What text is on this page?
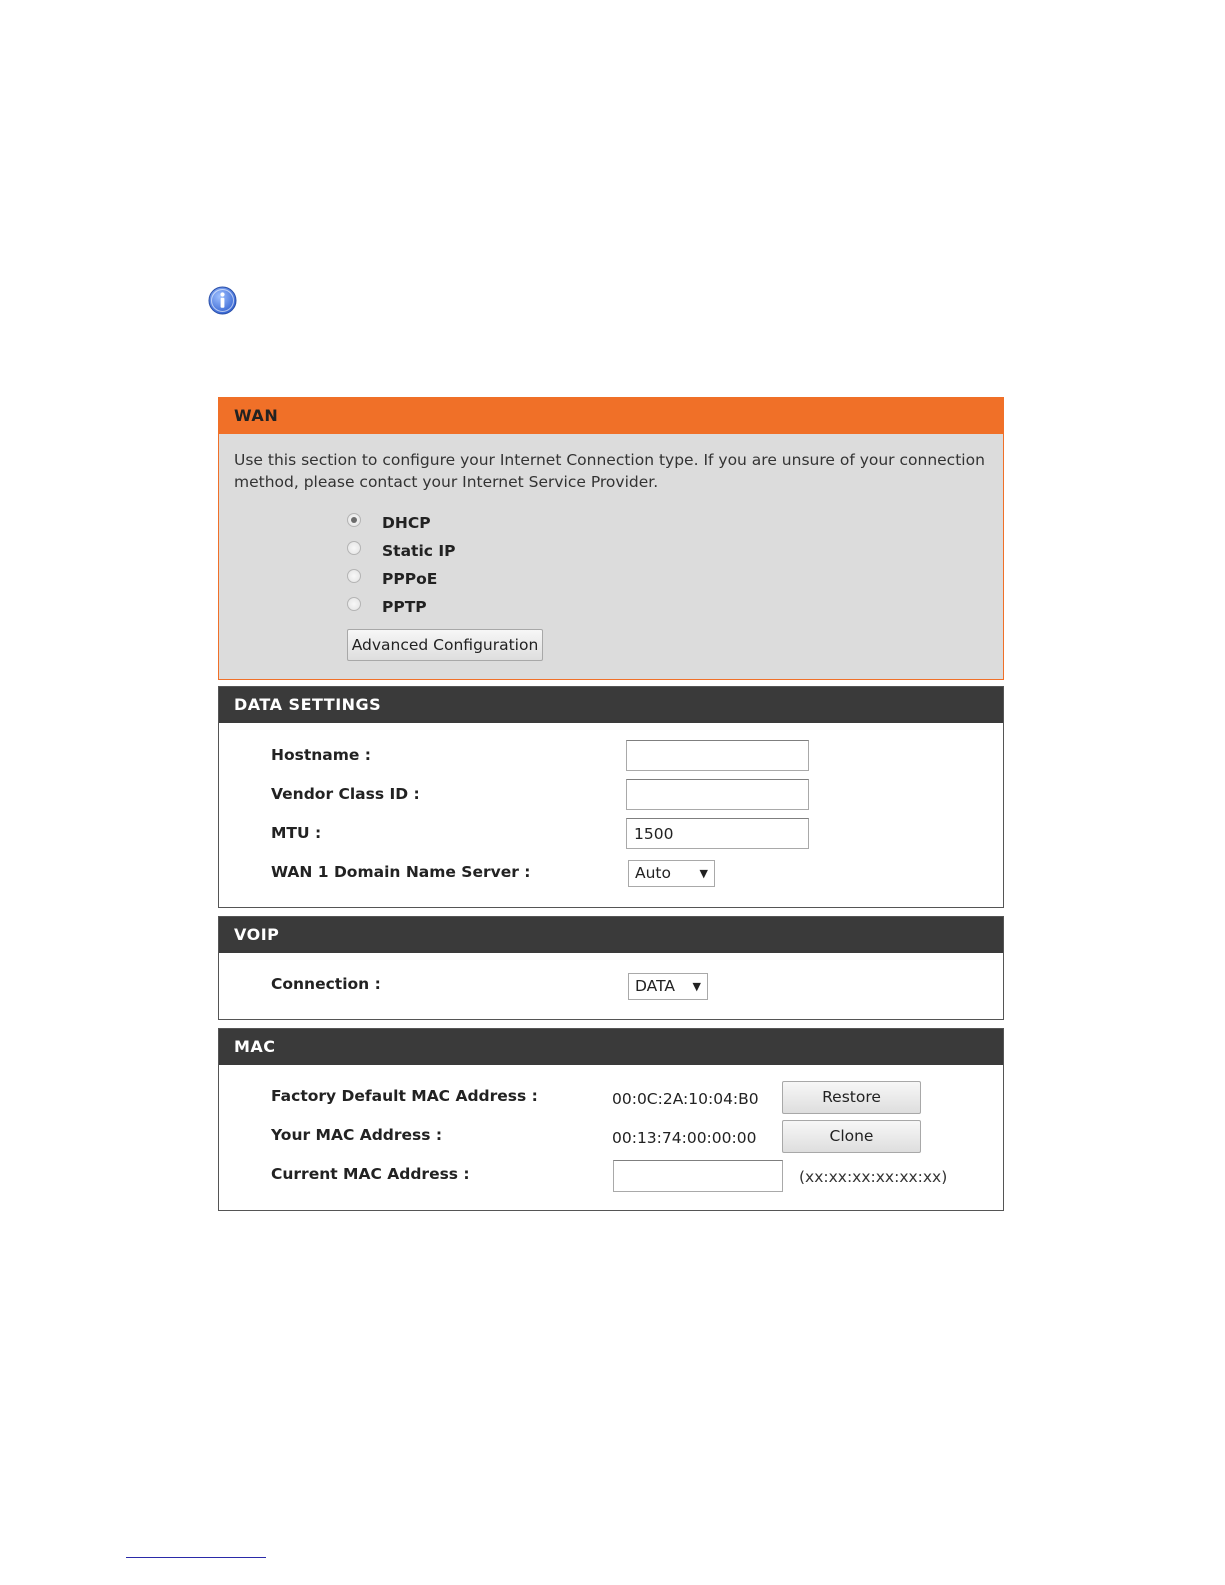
WAN
Use this section to configure your Internet Connection type. If you are unsure of your connection method, please contact your Internet Service Provider.
DHCP
Static IP
PPPoE
PPTP
Advanced Configuration
DATA SETTINGS
Hostname :
Vendor Class ID :
MTU :
1500
WAN 1 Domain Name Server :	Auto	▼
VOIP
Connection :	DATA ▼
MAC
Factory Default MAC Address :	00:0C:2A:10:04:B0	Restore
Your MAC Address :	00:13:74:00:00:00	Clone
Current MAC Address :	(xx:xx:xx:xx:xx:xx)
